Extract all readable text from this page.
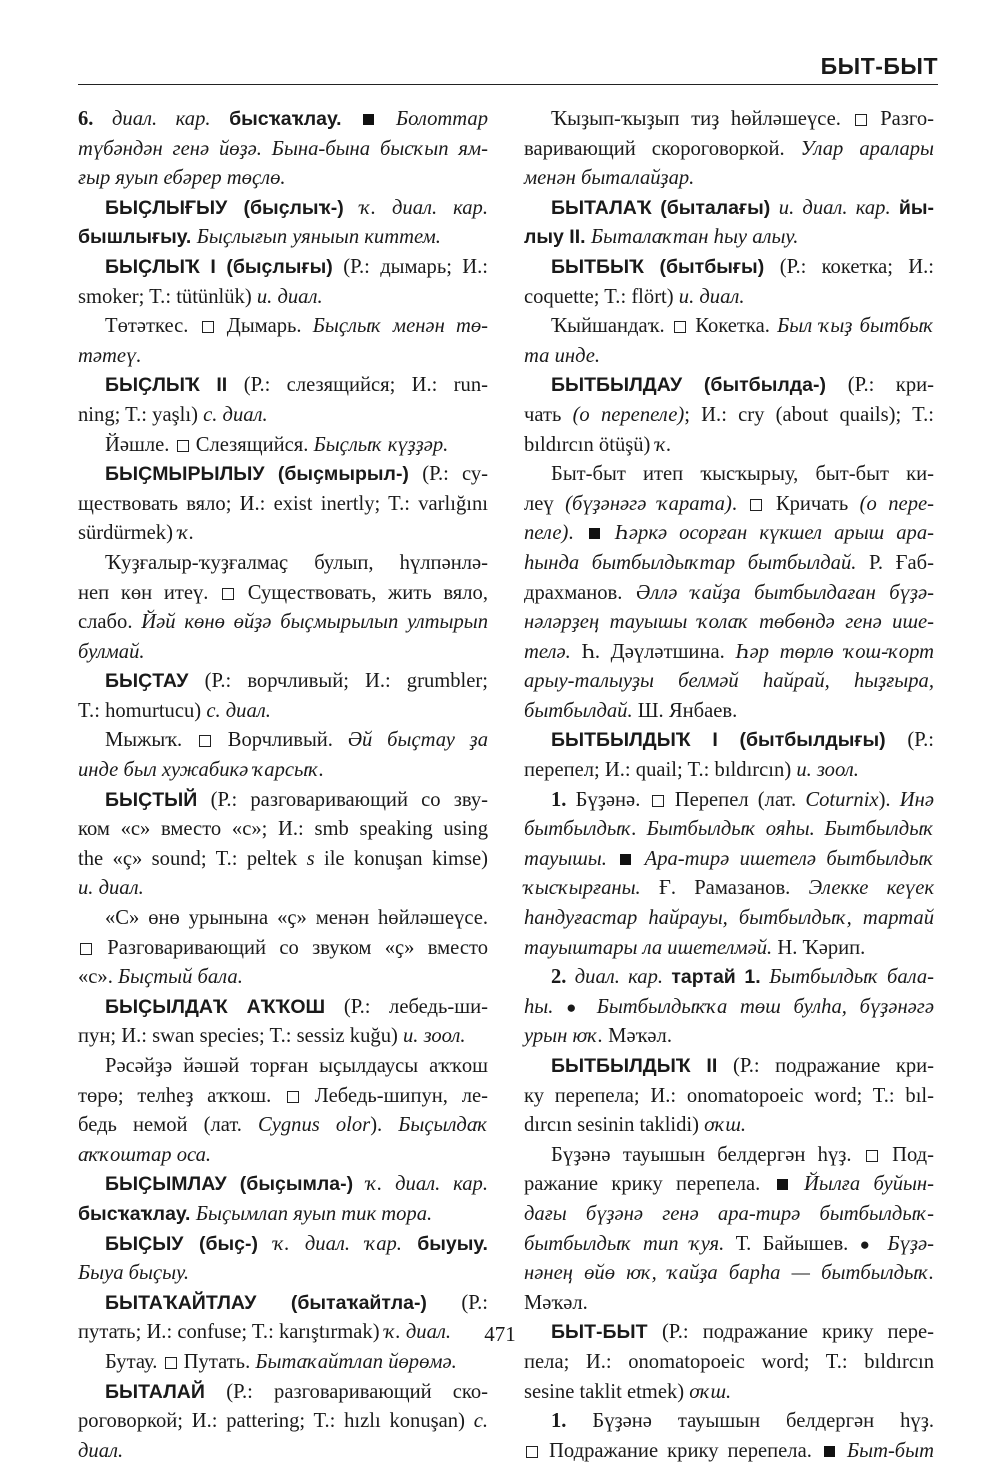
БЫТ-БЫТ
6. диал. кар. бысҡаҡлау.  Болоттар
түбәндән генә йөҙә. Бына-бына бысҡып ям-
ғыр яуып ебәрер төҫлө.
БЫҪЛЫҒЫУ (быҫлыҡ-) ҡ. диал. кар.
бышлығыу. Быҫлығып уяныып киттем.
БЫҪЛЫҠ I (быҫлығы) (Р.: дымарь; И.:
smoker; T.: tütünlük) и. диал.
Төтәткес.  Дымарь. Быҫлыҡ менән тө-
тәтеү.
БЫҪЛЫҠ II (Р.: слезящийся; И.: run-
ning; T.: yaşlı) с. диал.
Йәшле.  Слезящийся. Быҫлыҡ күҙҙәр.
БЫҪМЫРЫЛЫУ (быҫмырыл-) (Р.: су-
ществовать вяло; И.: exist inertly; T.: varlığını
sürdürmek) ҡ.
Ҡуҙғалыр-ҡуҙғалмаҫ булып, һүлпәнлә-
неп көн итеү.  Существовать, жить вяло,
слабо. Йәй көнө өйҙә быҫмырылып ултырып
булмай.
БЫҪТАУ (Р.: ворчливый; И.: grumbler;
T.: homurtucu) с. диал.
Мыжыҡ.  Ворчливый. Әй быҫтау ҙа
инде был хужабикә ҡарсыҡ.
БЫҪТЫЙ (Р.: разговаривающий со зву-
ком «с» вместо «с»; И.: smb speaking using
the «ç» sound; T.: peltek s ile konuşan kimse)
и. диал.
«С» өнө урынына «ҫ» менән һөйләшеүсе.
Разговаривающий со звуком «ҫ» вместо
«с». Быҫтый бала.
БЫҪЫЛДАҠ АҠҠОШ (Р.: лебедь-ши-
пун; И.: swan species; T.: sessiz kuğu) и. зоол.
Рәсәйҙә йәшәй торған ыҫылдаусы аҡҡош
төрө; телһеҙ аҡҡош.  Лебедь-шипун, ле-
бедь немой (лат. Cygnus olor). Быҫылдаҡ
аҡҡоштар оса.
БЫҪЫМЛАУ (быҫымла-) ҡ. диал. кар.
бысҡаҡлау. Быҫымлап яуып тик тора.
БЫҪЫУ (быҫ-) ҡ. диал. ҡар. быуыу.
Быуа быҫыу.
БЫТАҠАЙТЛАУ (бытаҡайтла-) (Р.:
путать; И.: confuse; T.: karıştırmak) ҡ. диал.
Бутау.  Путать. Бытаҡайтлап йөрөмә.
БЫТАЛАЙ (Р.: разговаривающий ско-
роговоркой; И.: pattering; T.: hızlı konuşan) с.
диал.
Ҡыҙып-ҡыҙып тиҙ һөйләшеүсе.  Разго-
варивающий скороговоркой. Улар аралары
менән быталайҙар.
БЫТАЛАҠ (быталағы) и. диал. кар. йы-
лыу II. Быталаҡтан һыу алыу.
БЫТБЫҠ (бытбығы) (Р.: кокетка; И.:
coquette; T.: flört) и. диал.
Ҡыйшандаҡ.  Кокетка. Был ҡыҙ бытбыҡ
та инде.
БЫТБЫЛДАУ (бытбылда-) (Р.: кри-
чать (о перепеле); И.: cry (about quails); T.:
bıldırcın ötüşü) ҡ.
Быт-быт итеп ҡысҡырыу, быт-быт ки-
леү (бүҙәнәгә ҡарата).  Кричать (о пере-
пеле).  Һәркә осорған күкшел арыш ара-
һында бытбылдыҡтар бытбылдай. Р. Ғаб-
драхманов. Әллә ҡайҙа бытбылдаған бүҙә-
нәләрҙең тауышы ҡолаҡ төбөндә генә ише-
телә. Һ. Дәүләтшина. Һәр төрлө ҡош-ҡорт
арыу-талыуҙы белмәй һайрай, һыҙғыра,
бытбылдай. Ш. Янбаев.
БЫТБЫЛДЫҠ I (бытбылдығы) (Р.:
перепел; И.: quail; T.: bıldırcın) и. зоол.
1. Бүҙәнә.  Перепел (лат. Coturnix). Инә
бытбылдыҡ. Бытбылдыҡ ояһы. Бытбылдыҡ
тауышы.  Ара-тирә ишетелә бытбылдыҡ
ҡысҡырғаны. Ғ. Рамазанов. Элекке кеүек
һандуғастар һайрауы, бытбылдыҡ, тартай
тауыштары ла ишетелмәй. Н. Ҡәрип.
2. диал. кар. тартай 1. Бытбылдыҡ бала-
һы. ● Бытбылдыҡҡа төш булһа, бүҙәнәгә
урын юҡ. Мәҡәл.
БЫТБЫЛДЫҠ II (Р.: подражание кри-
ку перепела; И.: onomatopoeic word; T.: bıl-
dırcın sesinin taklidi) оҡш.
Бүҙәнә тауышын белдергән һүҙ.  Под-
ражание крику перепела.  Йылға буйын-
дағы бүҙәнә генә ара-тирә бытбылдыҡ-
бытбылдыҡ тип ҡуя. Т. Байышев. ● Бүҙә-
нәнең өйө юҡ, ҡайҙа барһа — бытбылдыҡ.
Мәҡәл.
БЫТ-БЫТ (Р.: подражание крику пере-
пела; И.: onomatopoeic word; T.: bıldırcın
sesine taklit etmek) оҡш.
1. Бүҙәнә тауышын белдергән һүҙ.
Подражание крику перепела.  Быт-быт
471
